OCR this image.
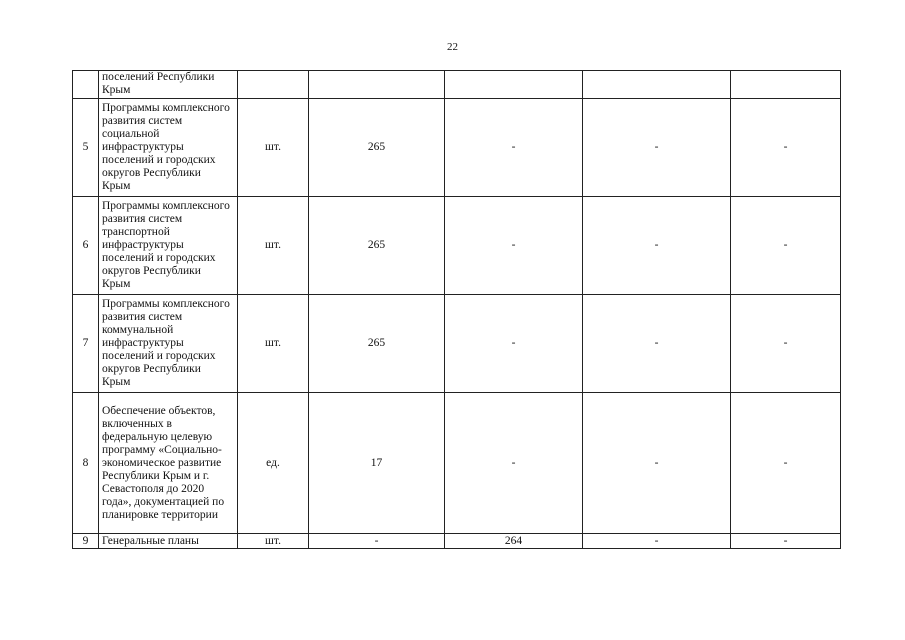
22

	поселений Республики Крым					

5	Программы комплексного развития систем социальной инфраструктуры поселений и городских округов Республики Крым	шт.	265	-	-	-
6	Программы комплексного развития систем транспортной инфраструктуры поселений и городских округов Республики Крым	шт.	265	-	-	-
7	Программы комплексного развития систем коммунальной инфраструктуры поселений и городских округов Республики Крым	шт.	265	-	-	-
8	Обеспечение объектов, включенных в федеральную целевую программу «Социально-экономическое развитие Республики Крым и г. Севастополя до 2020 года», документацией по планировке территории	ед.	17	-	-	-
9	Генеральные планы	шт.	-	264	-	-
